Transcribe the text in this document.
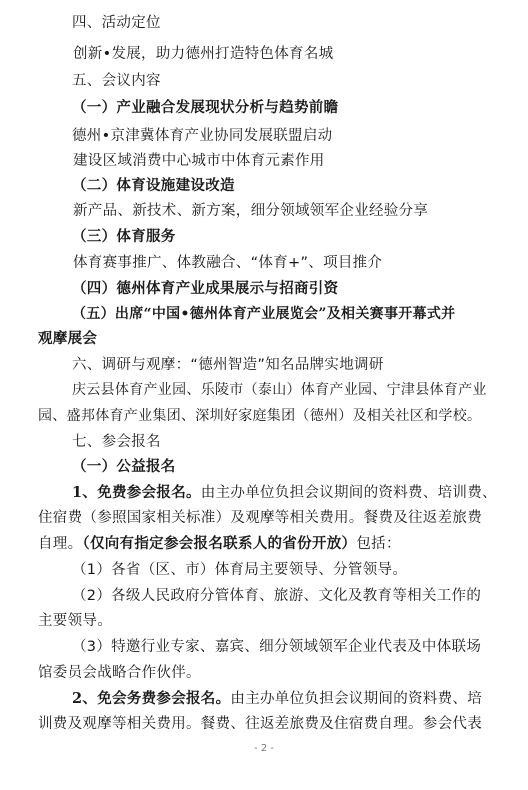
四、活动定位
创新•发展，助力德州打造特色体育名城
五、会议内容
（一）产业融合发展现状分析与趋势前瞻
德州•京津冀体育产业协同发展联盟启动
建设区域消费中心城市中体育元素作用
（二）体育设施建设改造
新产品、新技术、新方案，细分领域领军企业经验分享
（三）体育服务
体育赛事推广、体教融合、“体育+”、项目推介
（四）德州体育产业成果展示与招商引资
（五）出席“中国•德州体育产业展览会”及相关赛事开幕式并
观摩展会
六、调研与观摩：“德州智造”知名品牌实地调研
庆云县体育产业园、乐陵市（泰山）体育产业园、宁津县体育产业
园、盛邦体育产业集团、深圳好家庭集团（德州）及相关社区和学校。
七、参会报名
（一）公益报名
1、免费参会报名。由主办单位负担会议期间的资料费、培训费、
住宿费（参照国家相关标准）及观摩等相关费用。餐费及往返差旅费
自理。（仅向有指定参会报名联系人的省份开放）包括：
（1）各省（区、市）体育局主要领导、分管领导。
（2）各级人民政府分管体育、旅游、文化及教育等相关工作的
主要领导。
（3）特邀行业专家、嘉宾、细分领域领军企业代表及中体联场
馆委员会战略合作伙伴。
2、免会务费参会报名。由主办单位负担会议期间的资料费、培
训费及观摩等相关费用。餐费、往返差旅费及住宿费自理。参会代表
- 2 -
